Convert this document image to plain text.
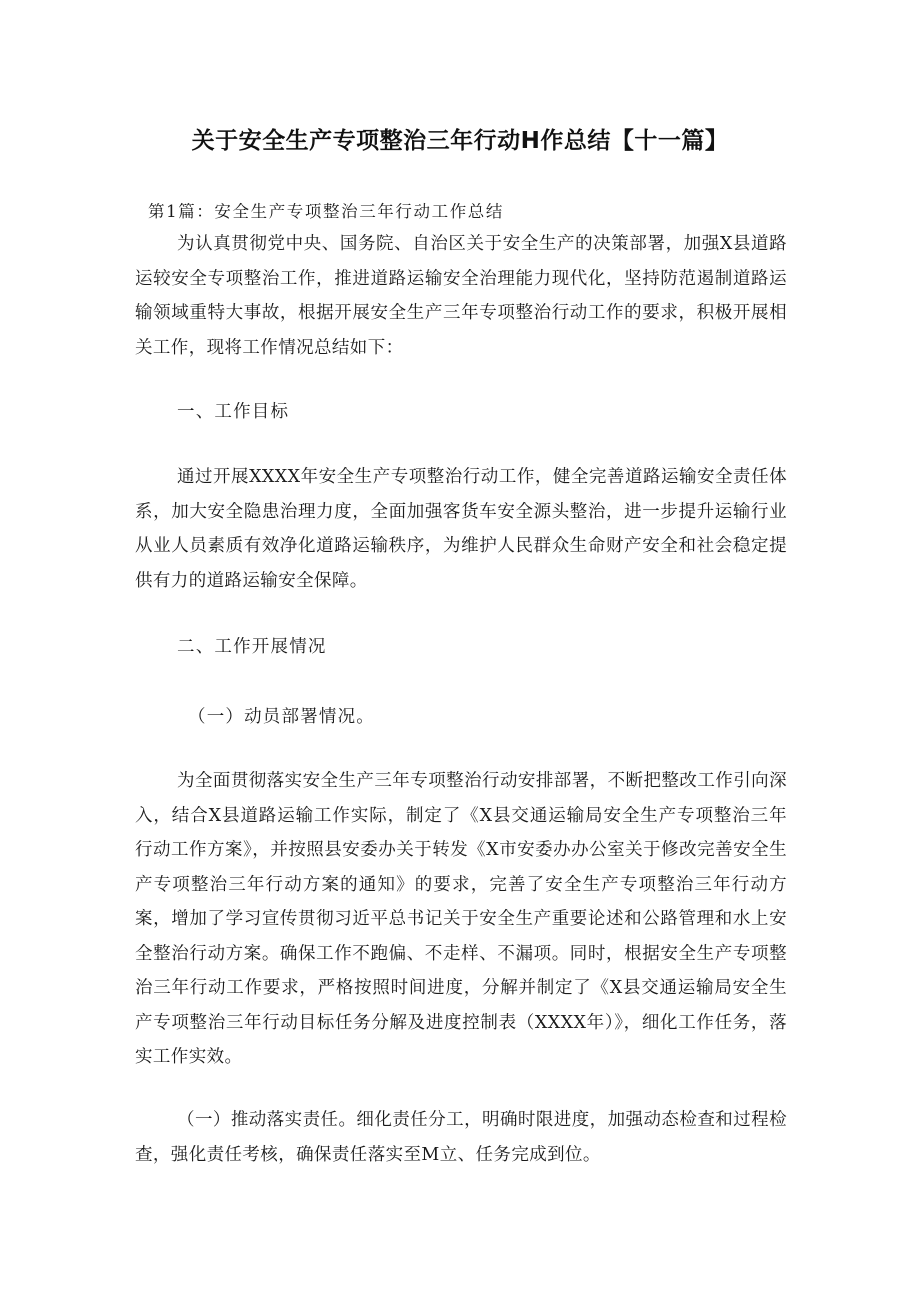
关于安全生产专项整治三年行动H作总结【十一篇】
第1篇：安全生产专项整治三年行动工作总结
为认真贯彻党中央、国务院、自治区关于安全生产的决策部署，加强X县道路运较安全专项整治工作，推进道路运输安全治理能力现代化，坚持防范遏制道路运输领域重特大事故，根据开展安全生产三年专项整治行动工作的要求，积极开展相关工作，现将工作情况总结如下：
一、工作目标
通过开展XXXX年安全生产专项整治行动工作，健全完善道路运输安全责任体系，加大安全隐患治理力度，全面加强客货车安全源头整治，进一步提升运输行业从业人员素质有效净化道路运输秩序，为维护人民群众生命财产安全和社会稳定提供有力的道路运输安全保障。
二、工作开展情况
（一）动员部署情况。
为全面贯彻落实安全生产三年专项整治行动安排部署，不断把整改工作引向深入，结合X县道路运输工作实际，制定了《X县交通运输局安全生产专项整治三年行动工作方案》，并按照县安委办关于转发《X市安委办办公室关于修改完善安全生产专项整治三年行动方案的通知》的要求，完善了安全生产专项整治三年行动方案，增加了学习宣传贯彻习近平总书记关于安全生产重要论述和公路管理和水上安全整治行动方案。确保工作不跑偏、不走样、不漏项。同时，根据安全生产专项整治三年行动工作要求，严格按照时间进度，分解并制定了《X县交通运输局安全生产专项整治三年行动目标任务分解及进度控制表（XXXX年）》，细化工作任务，落实工作实效。
（一）推动落实责任。细化责任分工，明确时限进度，加强动态检查和过程检查，强化责任考核，确保责任落实至M立、任务完成到位。
